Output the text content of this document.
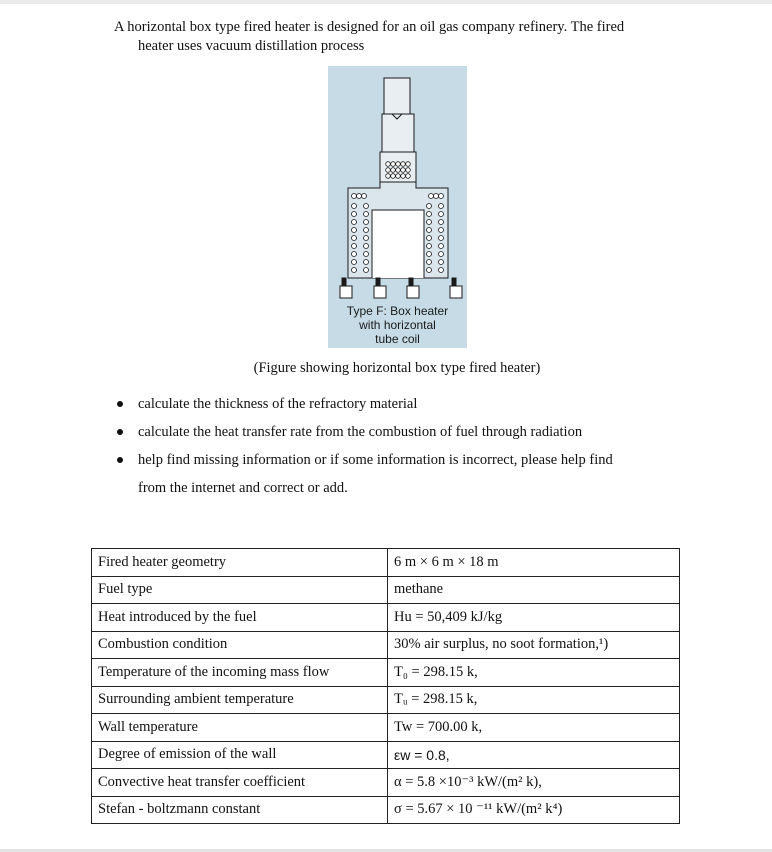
A horizontal box type fired heater is designed for an oil gas company refinery. The fired
heater uses vacuum distillation process
Type F: Box heater
with horizontal
tube coil
(Figure showing horizontal box type fired heater)
calculate the thickness of the refractory material
calculate the heat transfer rate from the combustion of fuel through radiation
help find missing information or if some information is incorrect, please help find
from the internet and correct or add.
Fired heater geometry	6 m × 6 m × 18 m
Fuel type	methane
Heat introduced by the fuel	Hu = 50,409 kJ/kg
Combustion condition	30% air surplus, no soot formation,¹)
Temperature of the incoming mass flow	T₀ = 298.15 k,
Surrounding ambient temperature	Tᵤ = 298.15 k,
Wall temperature	Tw = 700.00 k,
Degree of emission of the wall	εw = 0.8,
Convective heat transfer coefficient	α = 5.8 ×10⁻³ kW/(m² k),
Stefan - boltzmann constant	σ = 5.67 × 10 ⁻¹¹ kW/(m² k⁴)
